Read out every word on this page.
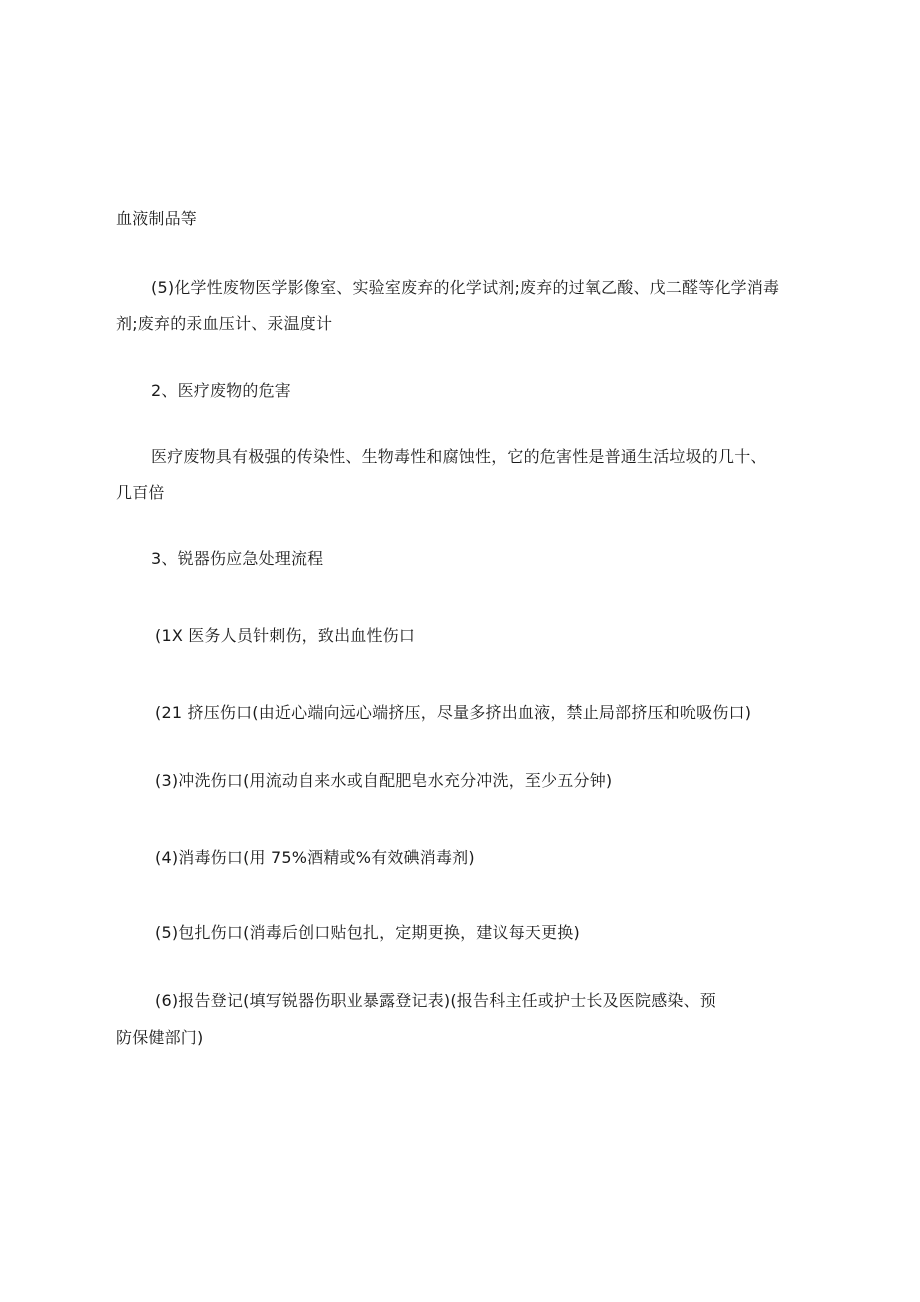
血液制品等
(5)化学性废物医学影像室、实验室废弃的化学试剂;废弃的过氧乙酸、戊二醛等化学消毒
剂;废弃的汞血压计、汞温度计
2、医疗废物的危害
医疗废物具有极强的传染性、生物毒性和腐蚀性，它的危害性是普通生活垃圾的几十、
几百倍
3、锐器伤应急处理流程
(1X 医务人员针刺伤，致出血性伤口
(21 挤压伤口(由近心端向远心端挤压，尽量多挤出血液，禁止局部挤压和吮吸伤口)
(3)冲洗伤口(用流动自来水或自配肥皂水充分冲洗，至少五分钟)
(4)消毒伤口(用 75%酒精或%有效碘消毒剂)
(5)包扎伤口(消毒后创口贴包扎，定期更换，建议每天更换)
(6)报告登记(填写锐器伤职业暴露登记表)(报告科主任或护士长及医院感染、预
防保健部门)
